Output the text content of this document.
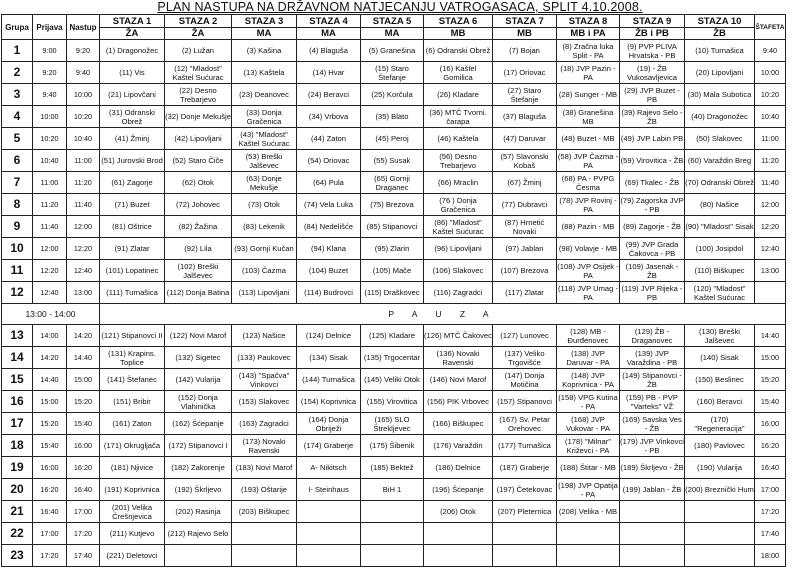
PLAN NASTUPA NA DRŽAVNOM NATJECANJU VATROGASACA, SPLIT 4.10.2008.
Grupa	Prijava	Nastup	STAZA 1	STAZA 2	STAZA 3	STAZA 4	STAZA 5	STAZA 6	STAZA 7	STAZA 8	STAZA 9	STAZA 10	ŠTAFETA
			ŽA	ŽA	MA	MA	MA	MB	MB	MB i PA	ŽB i PB	ŽB	
1	9:00	9:20	(1) Dragonožec	(2) Lužan	(3) Kašina	(4) Blaguša	(5) Granešina	(6) Odranski Obrež	(7) Bojan	(8) Zračna luka Split - PA	(9) PVP PLIVA Hrvatska - PB	(10) Turnašica	9:40
2	9:20	9:40	(11) Vis	(12) "Mladost" Kaštel Sućurac	(13) Kaštela	(14) Hvar	(15) Staro Štefanje	(16) Kaštel Gomilica	(17) Oriovac	(18) JVP Pazin - PA	(19) - ŽB Vukosavljevica	(20) Lipovljani	10:00
3	9:40	10:00	(21) Lipovčani	(22) Desno Trebarjevo	(23) Deanovec	(24) Beravci	(25) Korčula	(26) Kladare	(27) Staro Štefanje	(28) Sunger - MB	(29) JVP Buzet - PB	(30) Mala Subotica	10:20
4	10:00	10:20	(31) Odranski Obrež	(32) Donje Mekušje	(33) Donja Gračenica	(34) Vrbova	(35) Blato	(36) MTČ Tvorni. čarapa	(37) Blaguša	(38) Granešina MB	(39) Rajevo Selo - ŽB	(40) Dragonožec	10:40
5	10:20	10:40	(41) Žminj	(42) Lipovljani	(43) "Mladost" Kaštel Sućurac	(44) Zaton	(45) Peroj	(46) Kaštela	(47) Daruvar	(48) Buzet - MB	(49) JVP Labin PB	(50) Slakovec	11:00
6	10:40	11:00	(51) Jurovski Brod	(52) Starо Čiče	(53) Breški Jalševec	(54) Oriovac	(55) Susak	(56) Desno Trebarjevo	(57) Slavonski Kobaš	(58) JVP Čazma - PA	(59) Virovitica - ŽB	(60) Varaždin Breg	11:20
7	11:00	11:20	(61) Zagorje	(62) Otok	(63) Donje Mekušje	(64) Pula	(65) Gornji Draganec	(66) Mraclin	(67) Žminj	(68) PA - PVPG Česma	(69) Tkalec - ŽB	(70) Odranski Obrež	11:40
8	11:20	11:40	(71) Buzet	(72) Johovec	(73) Otok	(74) Vela Luka	(75) Brezova	(76 ) Donja Gračenica	(77) Dubravci	(78) JVP Rovinj - PA	(79) Zagorska JVP - PB	(80) Našice	12:00
9	11:40	12:00	(81) Oštrice	(82) Žažina	(83) Lekenik	(84) Nedelišće	(85) Stipanovci	(86) "Mladost" Kaštel Sućurac	(87) Hrnetić Novaki	(88) Pazin - MB	(89) Zagorje - ŽB	(90) "Mladost" Sisak	12:20
10	12:00	12:20	(91) Zlatar	(92) Lila	(93) Gornji Kučan	(94) Klana	(95) Zlarin	(96) Lipovljani	(97) Jablan	(98) Volavje - MB	(99) JVP Grada Čakovca - PB	(100) Josipdol	12:40
11	12:20	12:40	(101) Lopatinec	(102) Breški Jalševec	(103) Čazma	(104) Buzet	(105) Mače	(106) Slakovec	(107) Brezova	(108) JVP Osijek - PA	(109) Jasenak - ŽB	(110) Biškupec	13:00
12	12:40	13:00	(111) Turnašica	(112) Donja Batina	(113) Lipovljani	(114) Budrovci	(115) Draškovec	(116) Zagradci	(117) Zlatar	(118) JVP Umag - PA	(119) JVP Rijeka - PB	(120) "Mladost" Kaštel Sućurac	
13:00 - 14:00			P A U Z A										
13	14:00	14:20	(121) Stipanovci II	(122) Novi Marof	(123) Našice	(124) Delnice	(125) Kladare	(126) MTČ Čakovec	(127) Lunovec	(128) MB - Đurđenovec	(129) ŽB - Draganovec	(130) Breški Jalševec	14:40
14	14:20	14:40	(131) Krapins. Toplice	(132) Sigetec	(133) Paukovec	(134) Sisak	(135) Trgocentar	(136) Novaki Ravenski	(137) Veliko Trgovišće	(138) JVP Daruvar - PA	(139) JVP Varaždina - PB	(140) Sisak	15:00
15	14:40	15:00	(141) Štefanec	(142) Vularija	(143) "Spačva" Vinkovci	(144) Turnašica	(145) Veliki Otok	(146) Novi Marof	(147) Donja Motičina	(148) JVP Koprivnica - PA	(149) Stipanovci - ŽB	(150) Beslinec	15:20
16	15:00	15:20	(151) Bribir	(152) Donja Vlahinička	(153) Slakovec	(154) Koprivnica	(155) Virovitica	(156) PIK Vrbovec	(157) Stipanovci	(158) VPG Kutina - PA	(159) PB - PVP "Varteks" VŽ	(160) Beravci	15:40
17	15:20	15:40	(161) Zaton	(162) Šćepanje	(163) Zagradci	(164) Donja Obriježi	(165) SLO Štrekljevec	(166) Biškupec	(167) Sv. Petar Orehovec	(168) JVP Vukovar - PA	(169) Savska Ves - ŽB	(170) "Regeneracija"	16:00
18	15:40	16:00	(171) Okrugljača	(172) Stipanovci I	(173) Novaki Ravenski	(174) Graberje	(175) Šibenik	(176) Varaždin	(177) Turnašica	(178) "Milnar" Križevci - PA	(179) JVP Vinkovci - PB	(180) Pavlovec	16:20
19	16:00	16:20	(181) Njivice	(182) Zakorenje	(183) Novi Marof	A- Nikitsch	(185) Bektež	(186) Delnice	(187) Graberje	(188) Štitar - MB	(189) Škrljevo - ŽB	(190) Vularija	16:40
20	16:20	16:40	(191) Koprivnica	(192) Škrljevo	(193) Oštarije	I- Steinhaus	BiH 1	(196) Šćepanje	(197) Četekovac	(198) JVP Opatija - PA	(199) Jablan - ŽB	(200) Breznički Hum	17:00
21	16:40	17:00	(201) Velika Črešnjevica	(202) Rasinja	(203) Biškupec			(206) Otok	(207) Pleternica	(208) Velika - MB			17:20
22	17:00	17:20	(211) Kutjevo	(212) Rajevo Selo									17:40
23	17:20	17:40	(221) Deletovci										18:00
